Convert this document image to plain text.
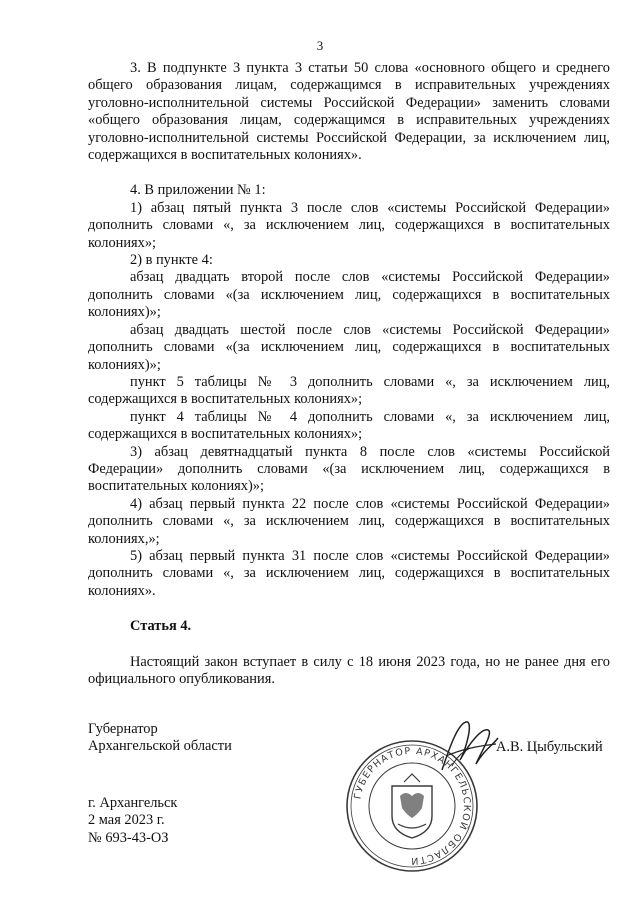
3

3. В подпункте 3 пункта 3 статьи 50 слова «основного общего и среднего общего образования лицам, содержащимся в исправительных учреждениях уголовно-исполнительной системы Российской Федерации» заменить словами «общего образования лицам, содержащимся в исправительных учреждениях уголовно-исполнительной системы Российской Федерации, за исключением лиц, содержащихся в воспитательных колониях».

4. В приложении № 1:

1) абзац пятый пункта 3 после слов «системы Российской Федерации» дополнить словами «, за исключением лиц, содержащихся в воспитательных колониях»;

2) в пункте 4:

абзац двадцать второй после слов «системы Российской Федерации» дополнить словами «(за исключением лиц, содержащихся в воспитательных колониях)»;

абзац двадцать шестой после слов «системы Российской Федерации» дополнить словами «(за исключением лиц, содержащихся в воспитательных колониях)»;

пункт 5 таблицы № 3 дополнить словами «, за исключением лиц, содержащихся в воспитательных колониях»;

пункт 4 таблицы № 4 дополнить словами «, за исключением лиц, содержащихся в воспитательных колониях»;

3) абзац девятнадцатый пункта 8 после слов «системы Российской Федерации» дополнить словами «(за исключением лиц, содержащихся в воспитательных колониях)»;

4) абзац первый пункта 22 после слов «системы Российской Федерации» дополнить словами «, за исключением лиц, содержащихся в воспитательных колониях,»;

5) абзац первый пункта 31 после слов «системы Российской Федерации» дополнить словами «, за исключением лиц, содержащихся в воспитательных колониях».

Статья 4.

Настоящий закон вступает в силу с 18 июня 2023 года, но не ранее дня его официального опубликования.

Губернатор
Архангельской области
ГУБЕРНАТОР АРХАНГЕЛЬСКОЙ ОБЛАСТИ
А.В. Цыбульский
г. Архангельск
2 мая 2023 г.
№ 693-43-ОЗ
